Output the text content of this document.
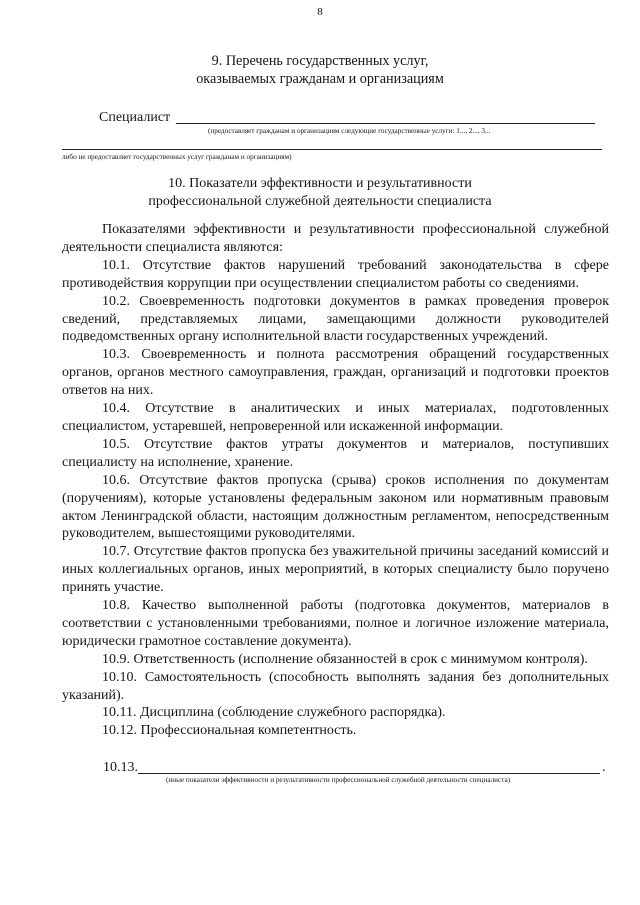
8
9. Перечень государственных услуг,
оказываемых гражданам и организациям
Специалист
(предоставляет гражданам и организациям следующие государственные услуги: 1..., 2..., 3...
-
либо не предоставляет государственных услуг гражданам и организациям)
10. Показатели эффективности и результативности
профессиональной служебной деятельности специалиста

Показателями эффективности и результативности профессиональной служебной деятельности специалиста являются:

10.1. Отсутствие фактов нарушений требований законодательства в сфере противодействия коррупции при осуществлении специалистом работы со сведениями.

10.2. Своевременность подготовки документов в рамках проведения проверок сведений, представляемых лицами, замещающими должности руководителей подведомственных органу исполнительной власти государственных учреждений.

10.3. Своевременность и полнота рассмотрения обращений государственных органов, органов местного самоуправления, граждан, организаций и подготовки проектов ответов на них.

10.4. Отсутствие в аналитических и иных материалах, подготовленных специалистом, устаревшей, непроверенной или искаженной информации.

10.5. Отсутствие фактов утраты документов и материалов, поступивших специалисту на исполнение, хранение.

10.6. Отсутствие фактов пропуска (срыва) сроков исполнения по документам (поручениям), которые установлены федеральным законом или нормативным правовым актом Ленинградской области, настоящим должностным регламентом, непосредственным руководителем, вышестоящими руководителями.

10.7. Отсутствие фактов пропуска без уважительной причины заседаний комиссий и иных коллегиальных органов, иных мероприятий, в которых специалисту было поручено принять участие.

10.8. Качество выполненной работы (подготовка документов, материалов в соответствии с установленными требованиями, полное и логичное изложение материала, юридически грамотное составление документа).

10.9. Ответственность (исполнение обязанностей в срок с минимумом контроля).

10.10. Самостоятельность (способность выполнять задания без дополнительных указаний).

10.11. Дисциплина (соблюдение служебного распорядка).

10.12. Профессиональная компетентность.

10.13.	.
(иные показатели эффективности и результативности профессиональной служебной деятельности специалиста)
